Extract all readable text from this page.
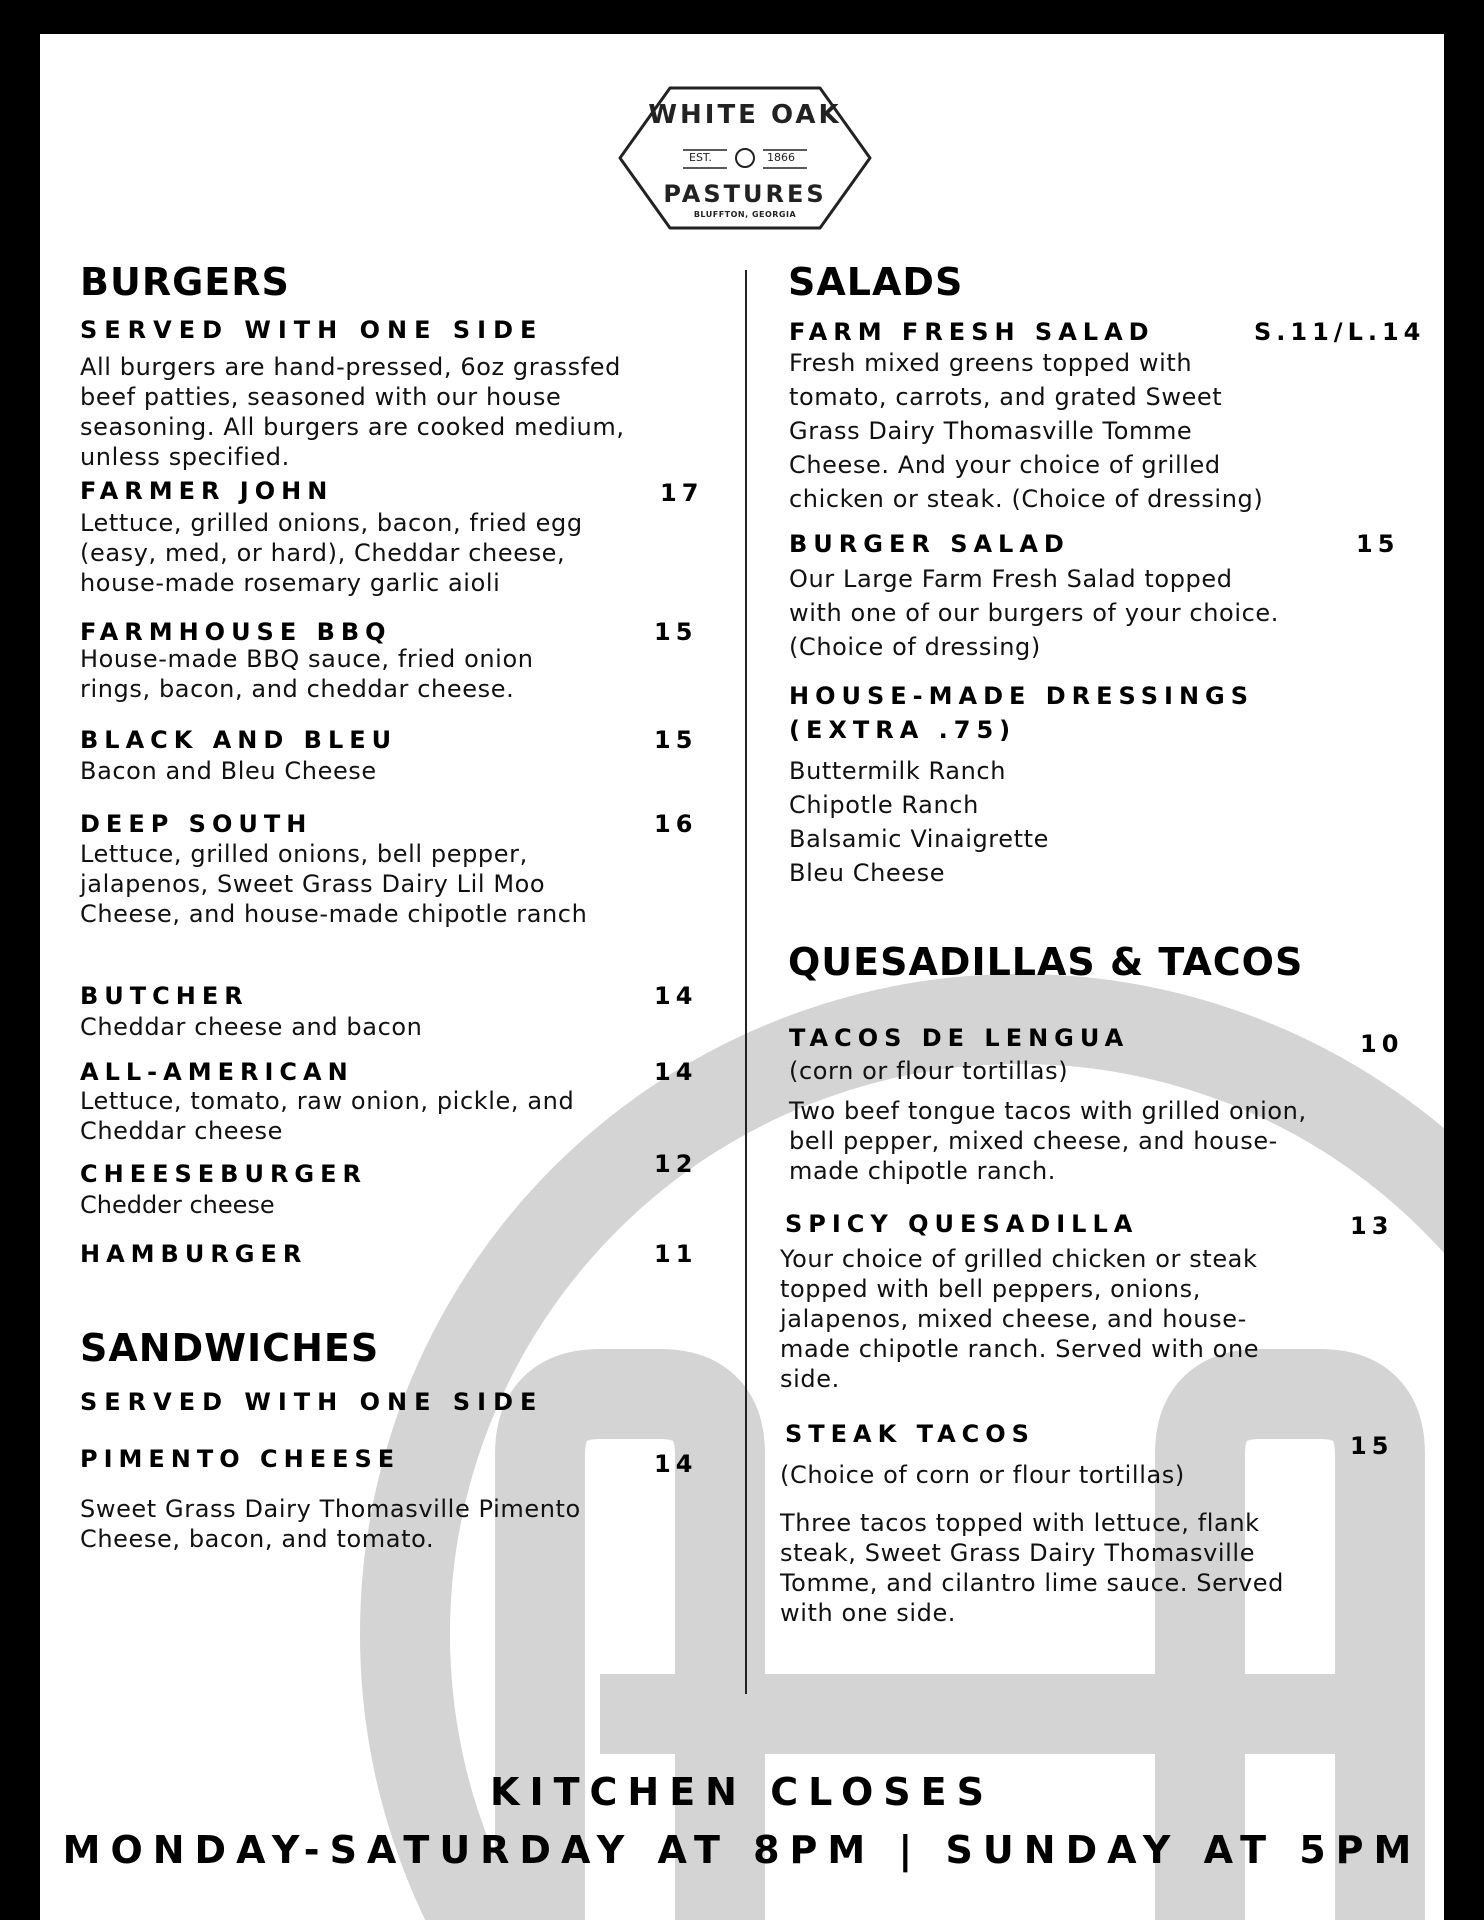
WHITE OAK
EST.	1866
PASTURES
BLUFFTON, GEORGIA
BURGERS
SERVED WITH ONE SIDE
All burgers are hand-pressed, 6oz grassfed beef patties, seasoned with our house seasoning. All burgers are cooked medium, unless specified.
FARMER JOHN	17
Lettuce, grilled onions, bacon, fried egg (easy, med, or hard), Cheddar cheese, house-made rosemary garlic aioli
FARMHOUSE BBQ	15
House-made BBQ sauce, fried onion rings, bacon, and cheddar cheese.
BLACK AND BLEU	15
Bacon and Bleu Cheese
DEEP SOUTH	16
Lettuce, grilled onions, bell pepper, jalapenos, Sweet Grass Dairy Lil Moo Cheese, and house-made chipotle ranch
BUTCHER	14
Cheddar cheese and bacon
ALL-AMERICAN	14
Lettuce, tomato, raw onion, pickle, and Cheddar cheese
CHEESEBURGER	12
Chedder cheese
HAMBURGER	11
SANDWICHES
SERVED WITH ONE SIDE
PIMENTO CHEESE	14
Sweet Grass Dairy Thomasville Pimento Cheese, bacon, and tomato.
SALADS
FARM FRESH SALAD	S.11/L.14
Fresh mixed greens topped with tomato, carrots, and grated Sweet Grass Dairy Thomasville Tomme Cheese. And your choice of grilled chicken or steak. (Choice of dressing)
BURGER SALAD	15
Our Large Farm Fresh Salad topped with one of our burgers of your choice. (Choice of dressing)
HOUSE-MADE DRESSINGS
(EXTRA .75)
Buttermilk Ranch
Chipotle Ranch
Balsamic Vinaigrette
Bleu Cheese
QUESADILLAS & TACOS
TACOS DE LENGUA	10
(corn or flour tortillas)
Two beef tongue tacos with grilled onion, bell pepper, mixed cheese, and house-made chipotle ranch.
SPICY QUESADILLA	13
Your choice of grilled chicken or steak topped with bell peppers, onions, jalapenos, mixed cheese, and house-made chipotle ranch. Served with one side.
STEAK TACOS	15
(Choice of corn or flour tortillas)
Three tacos topped with lettuce, flank steak, Sweet Grass Dairy Thomasville Tomme, and cilantro lime sauce. Served with one side.
KITCHEN CLOSES
MONDAY-SATURDAY AT 8PM | SUNDAY AT 5PM
